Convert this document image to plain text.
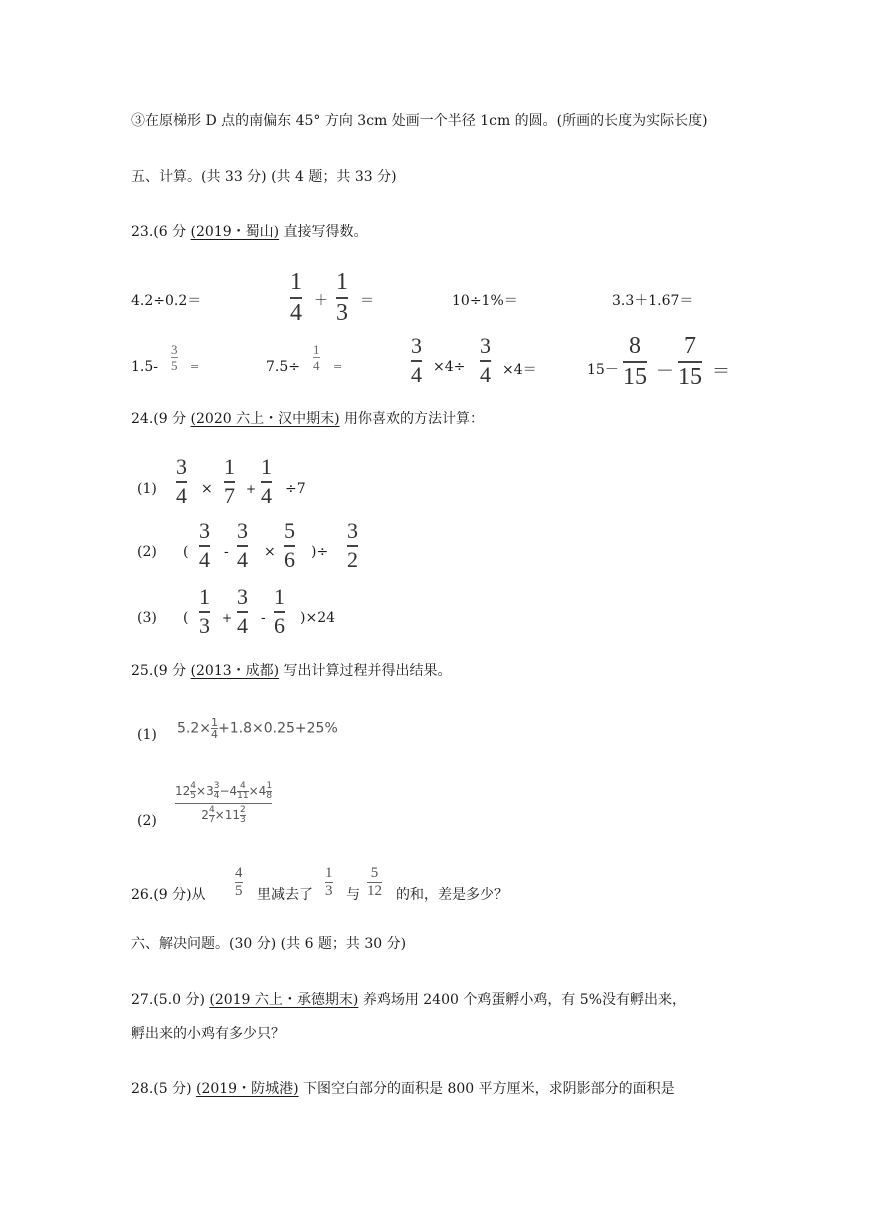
③在原梯形 D 点的南偏东 45° 方向 3cm 处画一个半径 1cm 的圆。(所画的长度为实际长度)
五、计算。(共 33 分) (共 4 题；共 33 分)
23.(6 分 (2019・蜀山) 直接写得数。
4.2÷0.2＝
1
4 ＋
1
3 ＝	10÷1%＝	3.3＋1.67＝
1.5-
3
5 =	7.5÷
1
4 =
3
4 ×4÷
3
4 ×4＝	15－
8
15 －
7
15 ＝
24.(9 分 (2020 六上・汉中期末) 用你喜欢的方法计算：
(1)
3
4 ×
1
7 +
1
4 ÷7
(2) (
3
4 -
3
4 ×
5
6 )÷
3
2
(3) (
1
3 +
3
4 -
1
6 )×24
25.(9 分 (2013・成都) 写出计算过程并得出结果。
(1) $5.2\times \frac{1}{4} +1.8\times 0.25+25\%$
(2)
$12 \frac{4}{5} \times 3 \frac{3}{4} -4 \frac{4}{11} \times 4 \frac{1}{8}$
$2 \frac{4}{7} \times 11 \frac{2}{3}$
26.(9 分)从
4
5 里减去了
1
3 与
5
12 的和，差是多少？
六、解决问题。(30 分) (共 6 题；共 30 分)
27.(5.0 分) (2019 六上・承德期末) 养鸡场用 2400 个鸡蛋孵小鸡，有 5%没有孵出来，
孵出来的小鸡有多少只？
28.(5 分) (2019・防城港) 下图空白部分的面积是 800 平方厘米，求阴影部分的面积是
